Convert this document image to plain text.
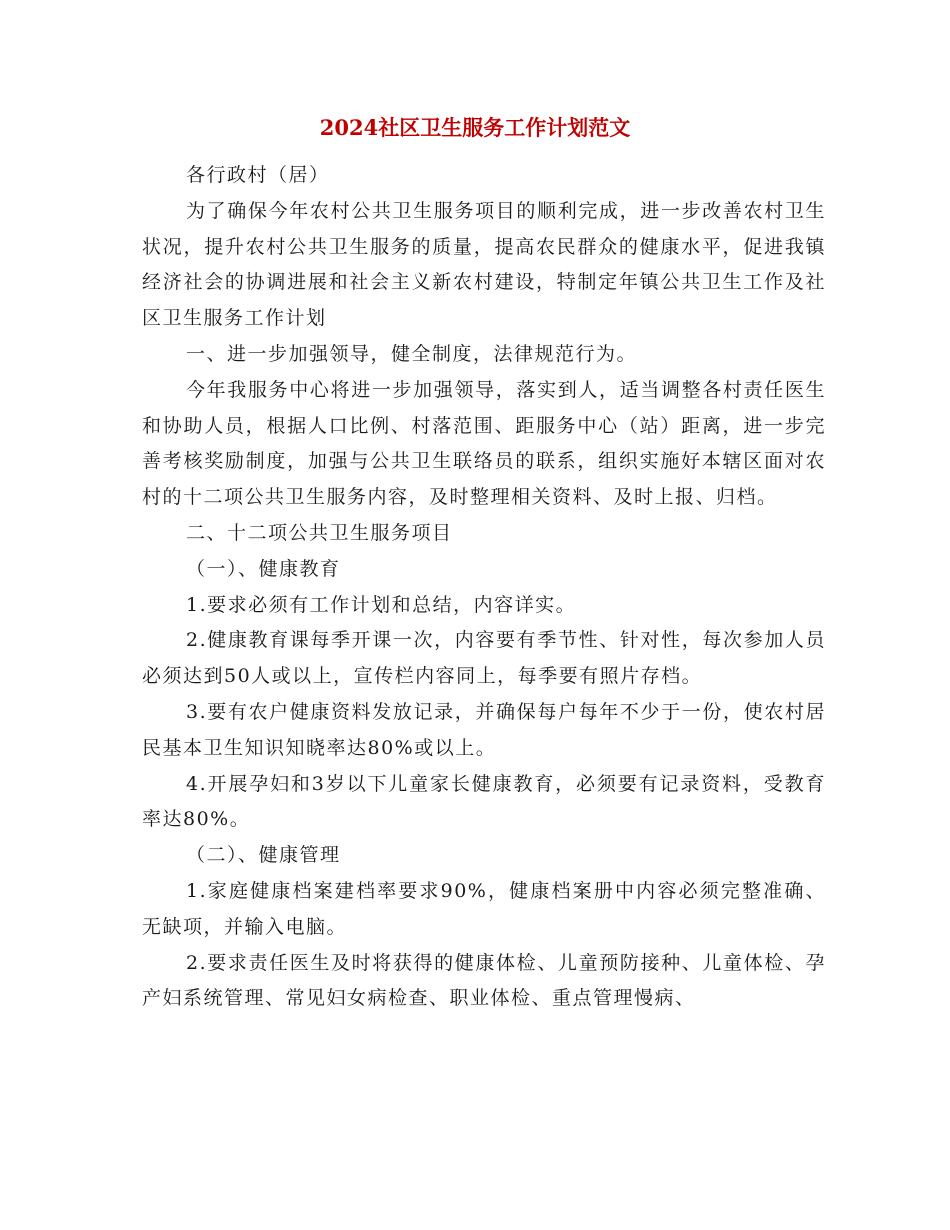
2024社区卫生服务工作计划范文

各行政村（居）

为了确保今年农村公共卫生服务项目的顺利完成，进一步改善农村卫生状况，提升农村公共卫生服务的质量，提高农民群众的健康水平，促进我镇经济社会的协调进展和社会主义新农村建设，特制定年镇公共卫生工作及社区卫生服务工作计划

一、进一步加强领导，健全制度，法律规范行为。

今年我服务中心将进一步加强领导，落实到人，适当调整各村责任医生和协助人员，根据人口比例、村落范围、距服务中心（站）距离，进一步完善考核奖励制度，加强与公共卫生联络员的联系，组织实施好本辖区面对农村的十二项公共卫生服务内容，及时整理相关资料、及时上报、归档。

二、十二项公共卫生服务项目

（一）、健康教育

1.要求必须有工作计划和总结，内容详实。

2.健康教育课每季开课一次，内容要有季节性、针对性，每次参加人员必须达到50人或以上，宣传栏内容同上，每季要有照片存档。

3.要有农户健康资料发放记录，并确保每户每年不少于一份，使农村居民基本卫生知识知晓率达80%或以上。

4.开展孕妇和3岁以下儿童家长健康教育，必须要有记录资料，受教育率达80%。

（二）、健康管理

1.家庭健康档案建档率要求90%，健康档案册中内容必须完整准确、无缺项，并输入电脑。

2.要求责任医生及时将获得的健康体检、儿童预防接种、儿童体检、孕产妇系统管理、常见妇女病检查、职业体检、重点管理慢病、
